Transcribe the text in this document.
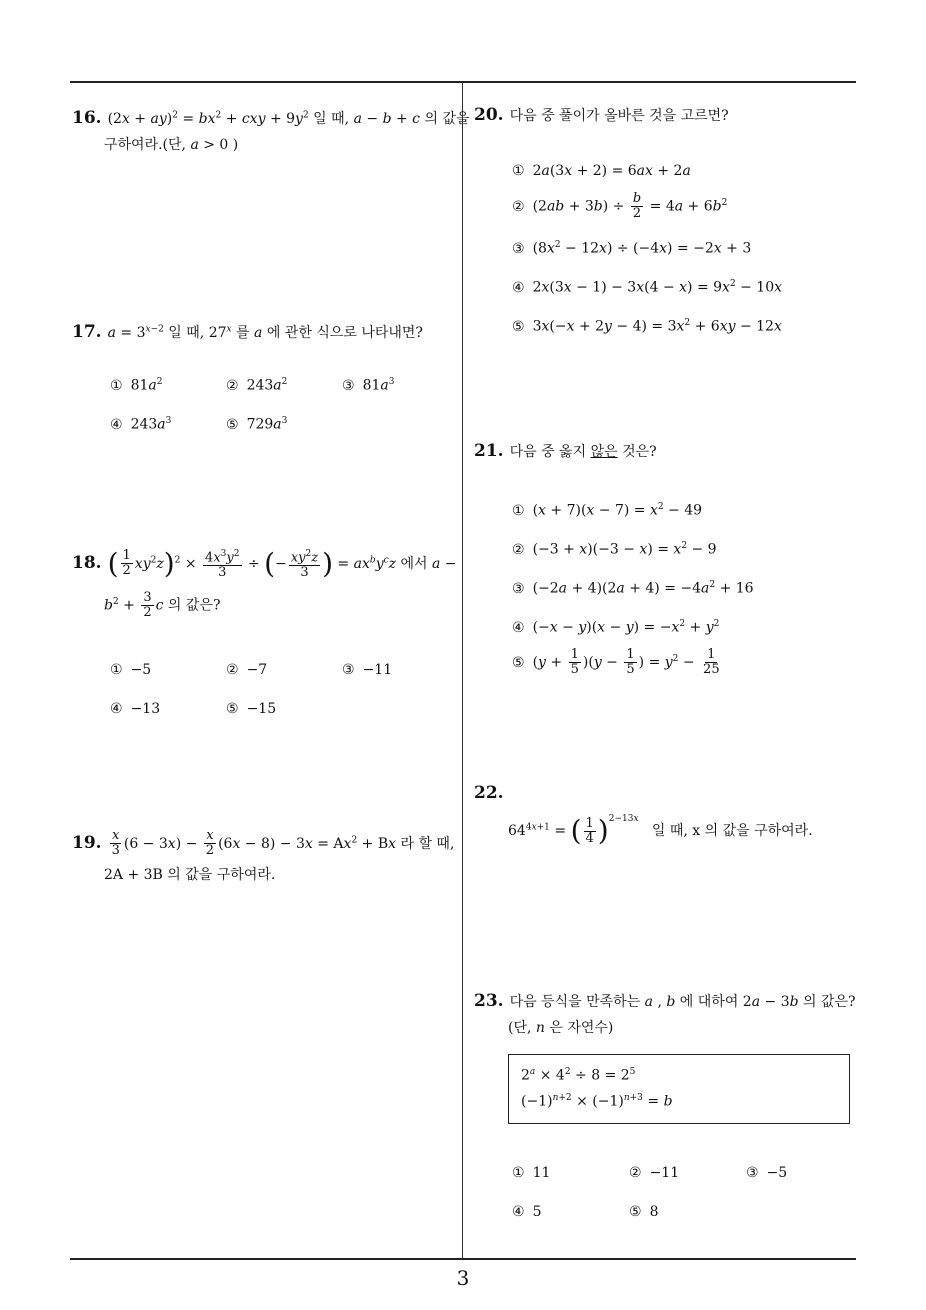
16. $(2x + ay)^2 = bx^2$ + cxy + $9y^2$ 일 때, a − b + c 의 값을
구하여라.(단, a > 0 )
17. $a = 3^{x-2}$ 일 때, 27$^x$ 를 a 에 관한 식으로 나타내면?
① $81a^2$	② $243a^2$	③ $81a^3$
④ $243a^3$	⑤ $729a^3$
18. ( $\frac{1}{2} xy^2z)^2 \times \frac{4x^3y^2}{3}$ ÷ (− $\frac{xy^2z}{3}$ ) = $ax^by^cz$ 에서 a −
$b^2 + \frac{3}{2}$ c 의 값은?
① −5	② −7	③ −11
④ −13	⑤ −15
19. $\frac{x}{3} (6 - 3x) - \frac{x}{2} (6x - 8) - 3x = Ax^2 + Bx$ 라 할 때,
2A + 3B 의 값을 구하여라.
20. 다음 중 풀이가 올바른 것을 고르면?
① 2a(3x + 2) = 6ax + 2a
② $(2ab + 3b) \div \frac{b}{2} = 4a + 6b^2$
③ $(8x^2 - 12x) \div (-4x) = -2x + 3$
④ $2x(3x - 1) - 3x(4 - x) = 9x^2 - 10x$
⑤ $3x(-x + 2y - 4) = 3x^2 + 6xy - 12x$
21. 다음 중 옳지 않은 것은?
① $(x + 7)(x - 7) = x^2 - 49$
② $(-3 + x)(-3 - x) = x^2 - 9$
③ $(-2a + 4)(2a + 4) = -4a^2 + 16$
④ $(-x - y)(x - y) = -x^2 + y^2$
⑤ $(y + \frac{1}{5} )(y - \frac{1}{5}$ ) = $y^2 - \frac{1}{25}$
22.
$64^{4x+1}$ = ( $\frac{1}{4} )^{2-13x}$   일 때, x 의 값을 구하여라.
23. 다음 등식을 만족하는 a , b 에 대하여 2a − 3b 의 값은?
(단, n 은 자연수)
$2^a \times 4^2 \div 8 = 2^5$
$(-1)^{n+2} \times (-1)^{n+3} = b$
① 11	② −11	③ −5
④ 5	⑤ 8
3
